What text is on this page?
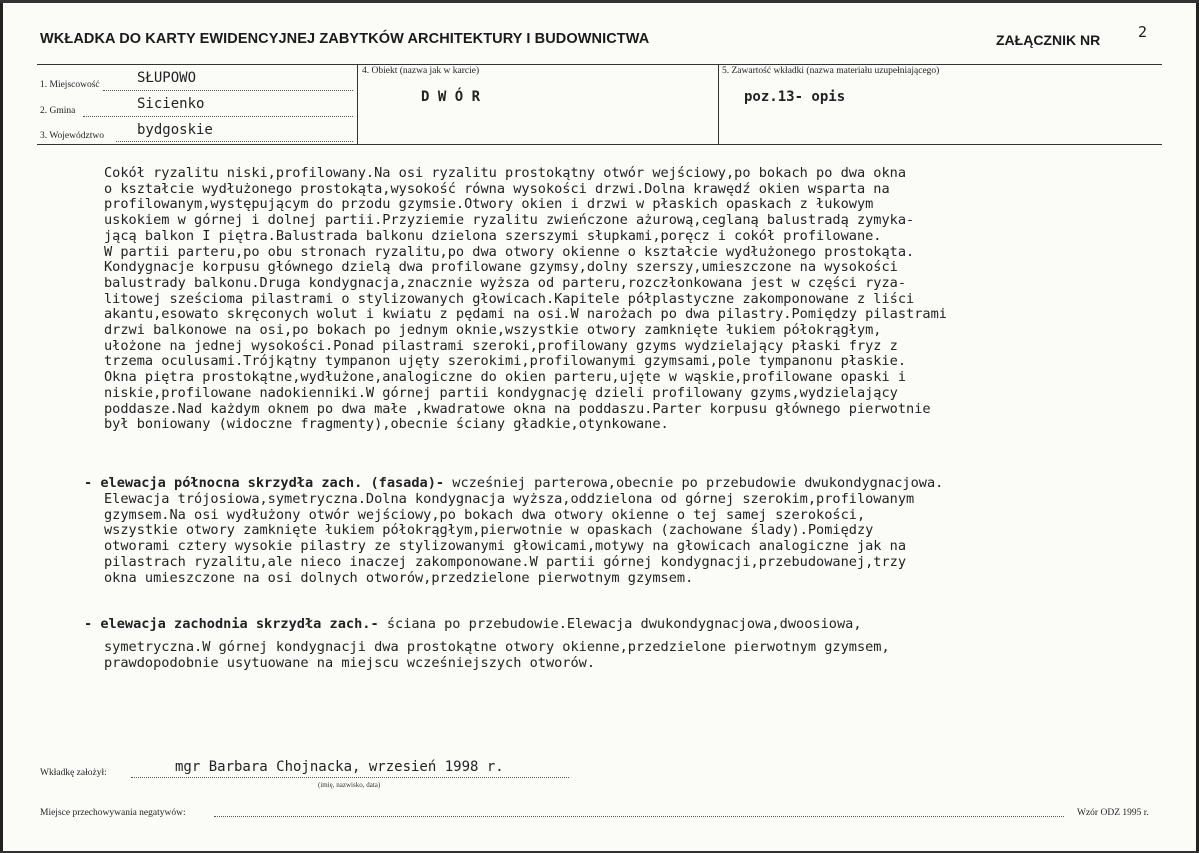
WKŁADKA DO KARTY EWIDENCYJNEJ ZABYTKÓW ARCHITEKTURY I BUDOWNICTWA	ZAŁĄCZNIK NR	2
1. Miejscowość	SŁUPOWO
2. Gmina	Sicienko
3. Województwo bydgoskie
4. Obiekt (nazwa jak w karcie)
D W Ó R
5. Zawartość wkładki (nazwa materiału uzupełniającego)
poz.13- opis
Cokół ryzalitu niski,profilowany.Na osi ryzalitu prostokątny otwór wejściowy,po bokach po dwa okna
o kształcie wydłużonego prostokąta,wysokość równa wysokości drzwi.Dolna krawędź okien wsparta na
profilowanym,występującym do przodu gzymsie.Otwory okien i drzwi w płaskich opaskach z łukowym
uskokiem w górnej i dolnej partii.Przyziemie ryzalitu zwieńczone ażurową,ceglaną balustradą zymyka-
jącą balkon I piętra.Balustrada balkonu dzielona szerszymi słupkami,poręcz i cokół profilowane.
W partii parteru,po obu stronach ryzalitu,po dwa otwory okienne o kształcie wydłużonego prostokąta.
Kondygnacje korpusu głównego dzielą dwa profilowane gzymsy,dolny szerszy,umieszczone na wysokości
balustrady balkonu.Druga kondygnacja,znacznie wyższa od parteru,rozczłonkowana jest w części ryza-
litowej sześcioma pilastrami o stylizowanych głowicach.Kapitele półplastyczne zakomponowane z liści
akantu,esowato skręconych wolut i kwiatu z pędami na osi.W narożach po dwa pilastry.Pomiędzy pilastrami
drzwi balkonowe na osi,po bokach po jednym oknie,wszystkie otwory zamknięte łukiem półokrągłym,
ułożone na jednej wysokości.Ponad pilastrami szeroki,profilowany gzyms wydzielający płaski fryz z
trzema oculusami.Trójkątny tympanon ujęty szerokimi,profilowanymi gzymsami,pole tympanonu płaskie.
Okna piętra prostokątne,wydłużone,analogiczne do okien parteru,ujęte w wąskie,profilowane opaski i
niskie,profilowane nadokienniki.W górnej partii kondygnację dzieli profilowany gzyms,wydzielający
poddasze.Nad każdym oknem po dwa małe ,kwadratowe okna na poddaszu.Parter korpusu głównego pierwotnie
był boniowany (widoczne fragmenty),obecnie ściany gładkie,otynkowane.
- elewacja północna skrzydła zach. (fasada)- wcześniej parterowa,obecnie po przebudowie dwukondygnacjowa.
Elewacja trójosiowa,symetryczna.Dolna kondygnacja wyższa,oddzielona od górnej szerokim,profilowanym
gzymsem.Na osi wydłużony otwór wejściowy,po bokach dwa otwory okienne o tej samej szerokości,
wszystkie otwory zamknięte łukiem półokrągłym,pierwotnie w opaskach (zachowane ślady).Pomiędzy
otworami cztery wysokie pilastry ze stylizowanymi głowicami,motywy na głowicach analogiczne jak na
pilastrach ryzalitu,ale nieco inaczej zakomponowane.W partii górnej kondygnacji,przebudowanej,trzy
okna umieszczone na osi dolnych otworów,przedzielone pierwotnym gzymsem.
- elewacja zachodnia skrzydła zach.- ściana po przebudowie.Elewacja dwukondygnacjowa,dwoosiowa,
symetryczna.W górnej kondygnacji dwa prostokątne otwory okienne,przedzielone pierwotnym gzymsem,
prawdopodobnie usytuowane na miejscu wcześniejszych otworów.
Wkładkę założył:	mgr Barbara Chojnacka, wrzesień 1998 r.
(imię, nazwisko, data)
Miejsce przechowywania negatywów:	Wzór ODZ 1995 r.
